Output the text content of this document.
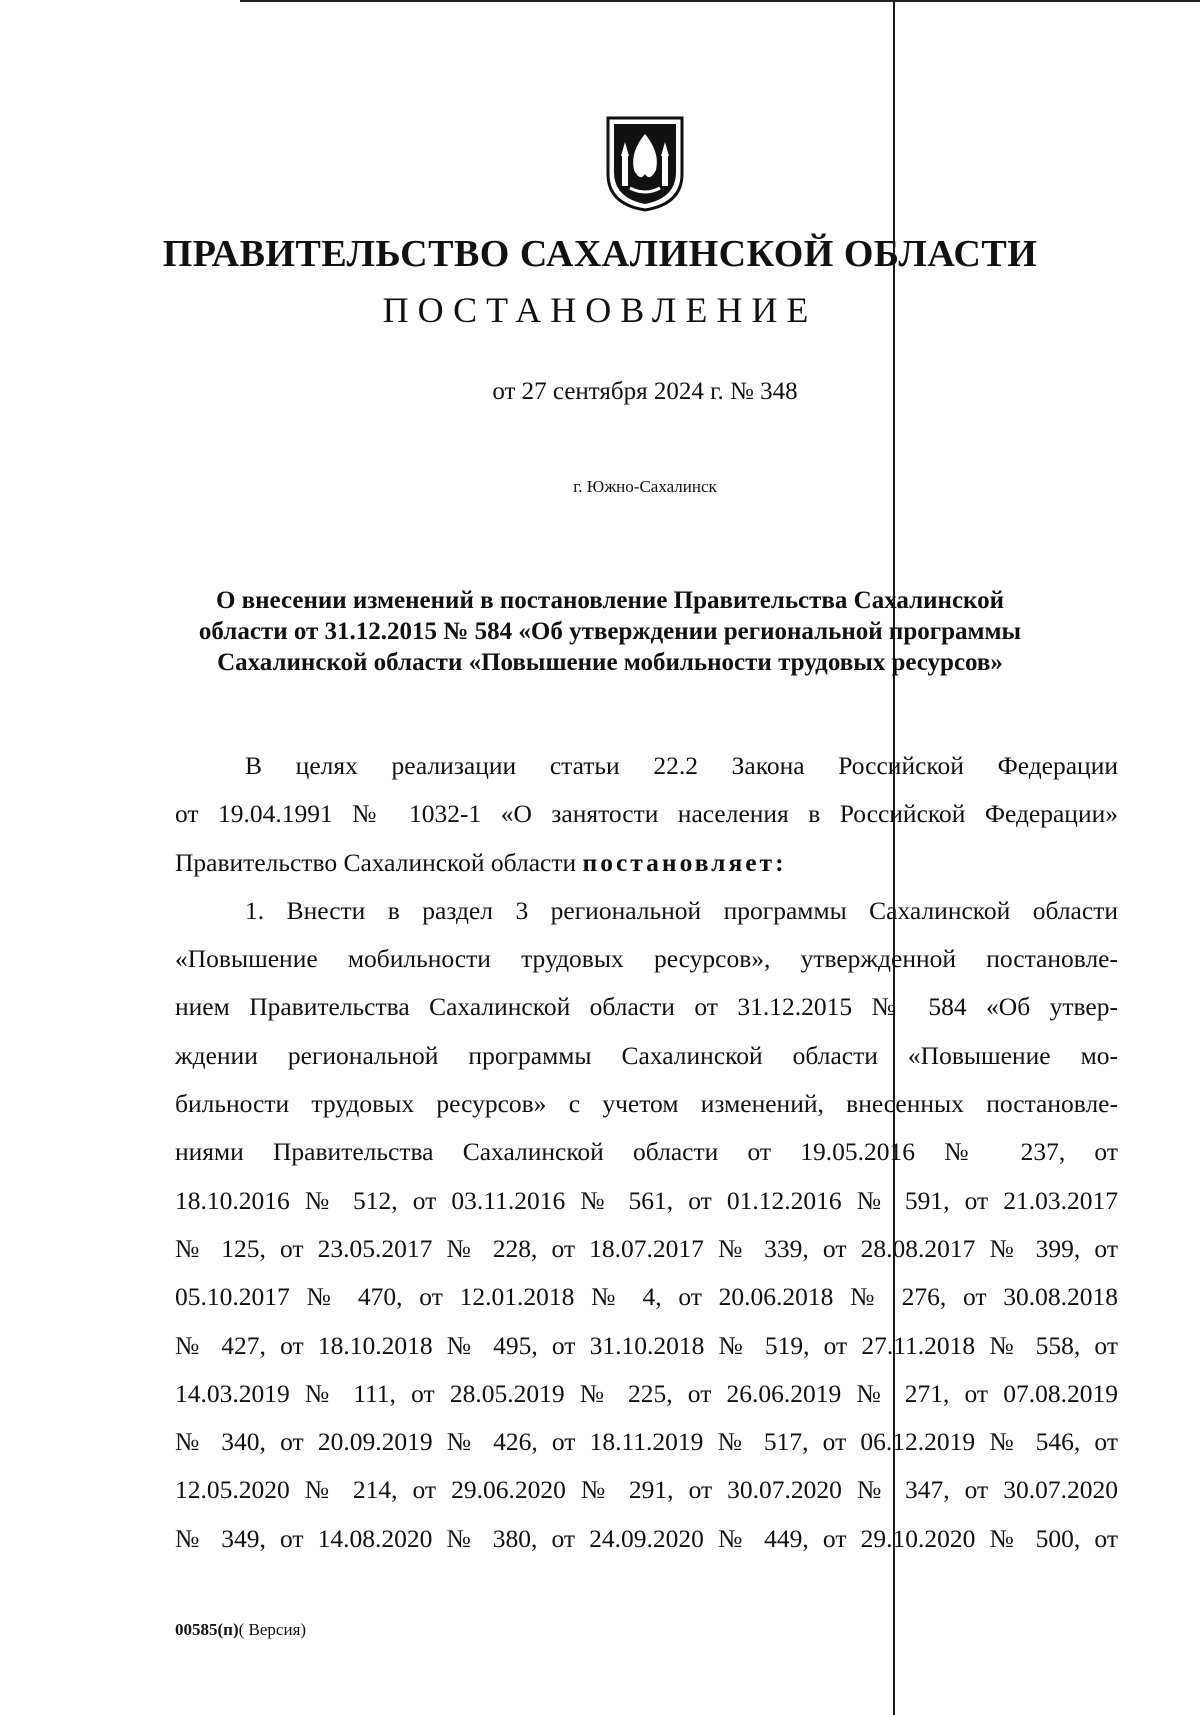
ПРАВИТЕЛЬСТВО САХАЛИНСКОЙ ОБЛАСТИ
ПОСТАНОВЛЕНИЕ
от 27 сентября 2024 г. № 348
г. Южно-Сахалинск
О внесении изменений в постановление Правительства Сахалинской
области от 31.12.2015 № 584 «Об утверждении региональной программы
Сахалинской области «Повышение мобильности трудовых ресурсов»
В целях реализации статьи 22.2 Закона Российской Федерации
от 19.04.1991 № 1032-1 «О занятости населения в Российской Федерации»
Правительство Сахалинской области постановляет:
1. Внести в раздел 3 региональной программы Сахалинской области
«Повышение мобильности трудовых ресурсов», утвержденной постановле-
нием Правительства Сахалинской области от 31.12.2015 № 584 «Об утвер-
ждении региональной программы Сахалинской области «Повышение мо-
бильности трудовых ресурсов» с учетом изменений, внесенных постановле-
ниями Правительства Сахалинской области от 19.05.2016 № 237, от
18.10.2016 № 512, от 03.11.2016 № 561, от 01.12.2016 № 591, от 21.03.2017
№ 125, от 23.05.2017 № 228, от 18.07.2017 № 339, от 28.08.2017 № 399, от
05.10.2017 № 470, от 12.01.2018 № 4, от 20.06.2018 № 276, от 30.08.2018
№ 427, от 18.10.2018 № 495, от 31.10.2018 № 519, от 27.11.2018 № 558, от
14.03.2019 № 111, от 28.05.2019 № 225, от 26.06.2019 № 271, от 07.08.2019
№ 340, от 20.09.2019 № 426, от 18.11.2019 № 517, от 06.12.2019 № 546, от
12.05.2020 № 214, от 29.06.2020 № 291, от 30.07.2020 № 347, от 30.07.2020
№ 349, от 14.08.2020 № 380, от 24.09.2020 № 449, от 29.10.2020 № 500, от
00585(п)( Версия)
